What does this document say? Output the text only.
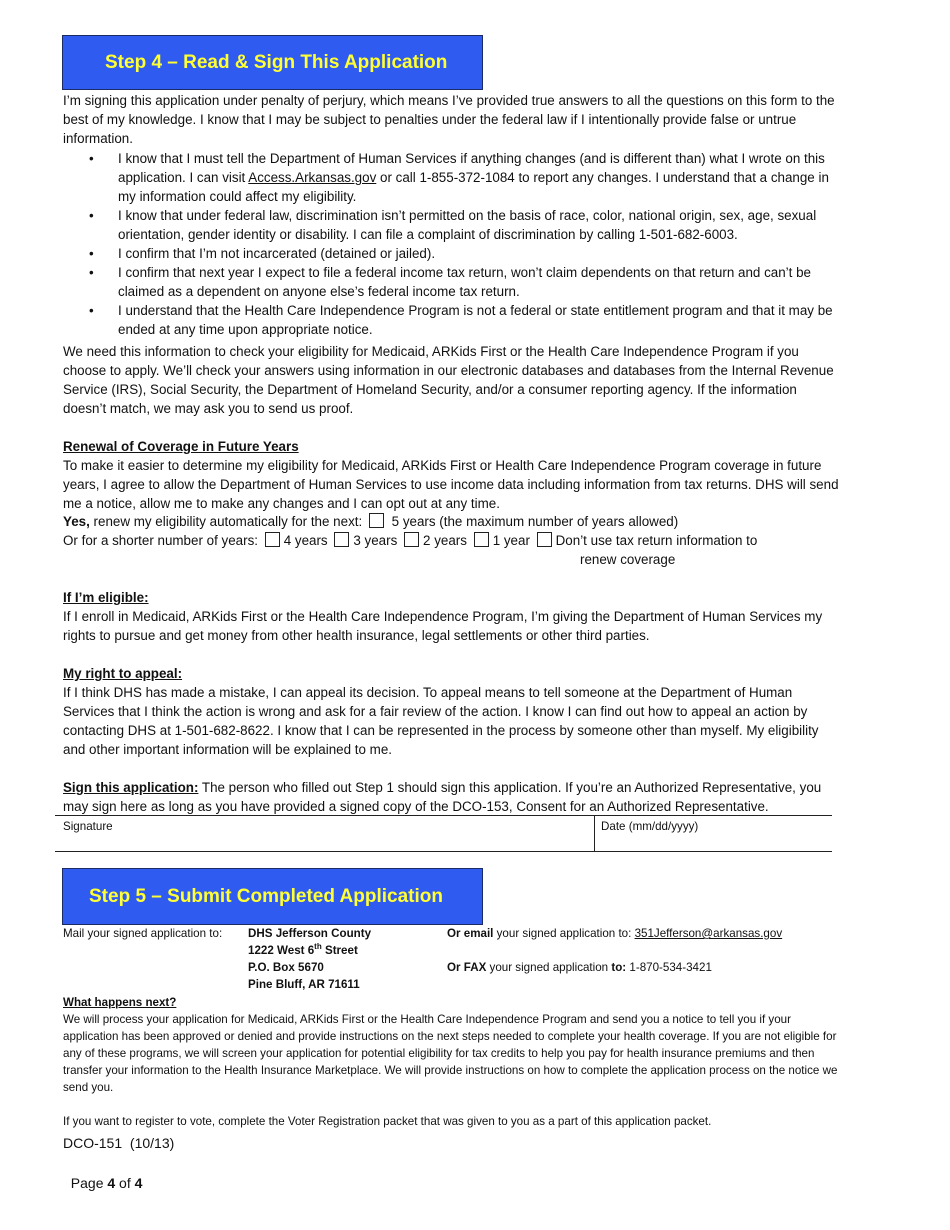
Step 4 – Read & Sign This Application
I’m signing this application under penalty of perjury, which means I’ve provided true answers to all the questions on this form to the best of my knowledge. I know that I may be subject to penalties under the federal law if I intentionally provide false or untrue information.
• I know that I must tell the Department of Human Services if anything changes (and is different than) what I wrote on this application. I can visit Access.Arkansas.gov or call 1-855-372-1084 to report any changes. I understand that a change in my information could affect my eligibility.
• I know that under federal law, discrimination isn’t permitted on the basis of race, color, national origin, sex, age, sexual orientation, gender identity or disability. I can file a complaint of discrimination by calling 1-501-682-6003.
• I confirm that I’m not incarcerated (detained or jailed).
• I confirm that next year I expect to file a federal income tax return, won’t claim dependents on that return and can’t be claimed as a dependent on anyone else’s federal income tax return.
• I understand that the Health Care Independence Program is not a federal or state entitlement program and that it may be ended at any time upon appropriate notice.
We need this information to check your eligibility for Medicaid, ARKids First or the Health Care Independence Program if you choose to apply. We’ll check your answers using information in our electronic databases and databases from the Internal Revenue Service (IRS), Social Security, the Department of Homeland Security, and/or a consumer reporting agency. If the information doesn’t match, we may ask you to send us proof.
Renewal of Coverage in Future Years
To make it easier to determine my eligibility for Medicaid, ARKids First or Health Care Independence Program coverage in future years, I agree to allow the Department of Human Services to use income data including information from tax returns. DHS will send me a notice, allow me to make any changes and I can opt out at any time.
Yes, renew my eligibility automatically for the next: 5 years (the maximum number of years allowed)
Or for a shorter number of years: 4 years 3 years 2 years 1 year Don’t use tax return information to
renew coverage
If I’m eligible:
If I enroll in Medicaid, ARKids First or the Health Care Independence Program, I’m giving the Department of Human Services my rights to pursue and get money from other health insurance, legal settlements or other third parties.
My right to appeal:
If I think DHS has made a mistake, I can appeal its decision. To appeal means to tell someone at the Department of Human Services that I think the action is wrong and ask for a fair review of the action. I know I can find out how to appeal an action by contacting DHS at 1-501-682-8622. I know that I can be represented in the process by someone other than myself. My eligibility and other important information will be explained to me.
Sign this application: The person who filled out Step 1 should sign this application. If you’re an Authorized Representative, you may sign here as long as you have provided a signed copy of the DCO-153, Consent for an Authorized Representative.
Signature	Date (mm/dd/yyyy)
Step 5 – Submit Completed Application
Mail your signed application to: DHS Jefferson County
1222 West 6th Street
P.O. Box 5670
Pine Bluff, AR 71611
Or email your signed application to: 351Jefferson@arkansas.gov
Or FAX your signed application to: 1-870-534-3421
What happens next?
We will process your application for Medicaid, ARKids First or the Health Care Independence Program and send you a notice to tell you if your application has been approved or denied and provide instructions on the next steps needed to complete your health coverage. If you are not eligible for any of these programs, we will screen your application for potential eligibility for tax credits to help you pay for health insurance premiums and then transfer your information to the Health Insurance Marketplace. We will provide instructions on how to complete the application process on the notice we send you.
If you want to register to vote, complete the Voter Registration packet that was given to you as a part of this application packet.
DCO-151  (10/13)

Page 4 of 4
